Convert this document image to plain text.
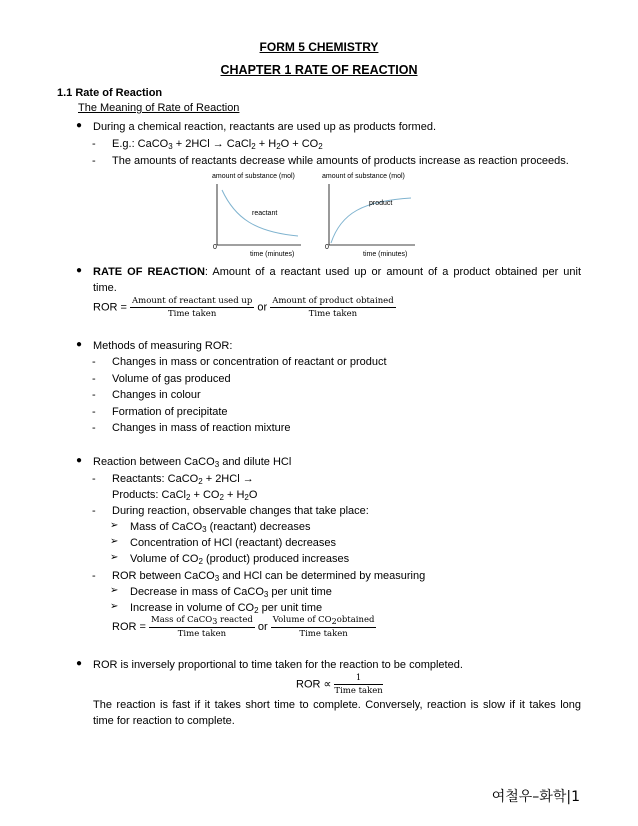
FORM 5 CHEMISTRY
CHAPTER 1 RATE OF REACTION
1.1 Rate of Reaction
The Meaning of Rate of Reaction
● During a chemical reaction, reactants are used up as products formed.
- E.g.: CaCO$_3$ + 2HCl → CaCl$_2$ + $H_2O + CO_2$
- The amounts of reactants decrease while amounts of products increase as reaction proceeds.
amount of substance (mol)
reactant
0
time (minutes)
amount of substance (mol)
product
0
time (minutes)
● RATE OF REACTION: Amount of a reactant used up or amount of a product obtained per unit
time.
ROR = $\frac{\text{Amount of reactant used up}}{\text{Time taken}}$ or $\frac{\text{Amount of product obtained}}{\text{Time taken}}$
● Methods of measuring ROR:
- Changes in mass or concentration of reactant or product
- Volume of gas produced
- Changes in colour
- Formation of precipitate
- Changes in mass of reaction mixture
● Reaction between CaCO$_3$ and dilute HCl
- Reactants: CaCO$_2$ + 2HCl →
Products: CaCl$_2$ + $CO_2 + H_2O$
- During reaction, observable changes that take place:
➢ Mass of CaCO$_3$ (reactant) decreases
➢ Concentration of HCl (reactant) decreases
➢ Volume of $CO_2$ (product) produced increases
- ROR between CaCO$_3$ and HCl can be determined by measuring
➢ Decrease in mass of CaCO$_3$ per unit time
➢ Increase in volume of $CO_2$ per unit time
ROR = $\frac{Mass of CaCO_3 reacted}{\text{Time taken}}$ or $\frac{Volume of CO_2obtained}{\text{Time taken}}$
● ROR is inversely proportional to time taken for the reaction to be completed.
ROR ∝ $\frac{1}{\text{Time taken}}$
The reaction is fast if it takes short time to complete. Conversely, reaction is slow if it takes long
time for reaction to complete.
여철우–화학|1
